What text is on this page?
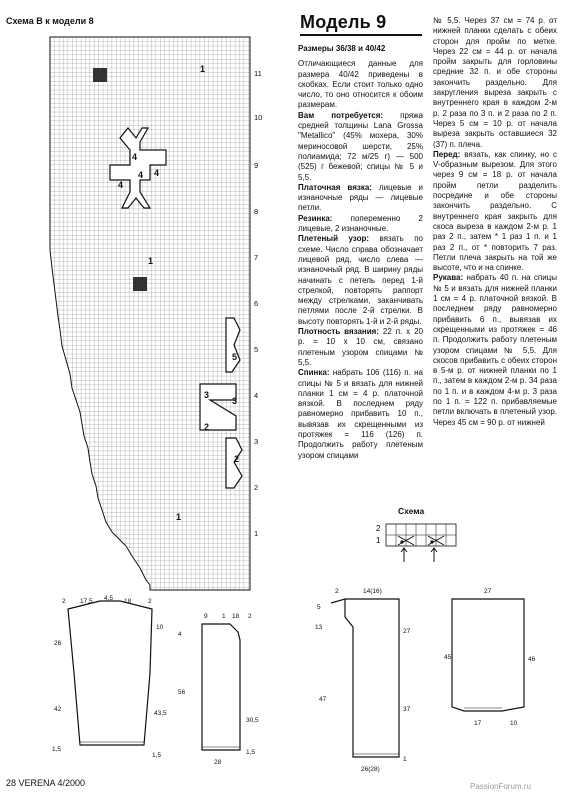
Схема В к модели 8	Модель 9
1
1
1
4
4
4
4
3
2
3
2
5
11
10
9
8
7
6
5
4
3
2
1

Размеры 36/38 и 40/42

Отличающиеся данные для размера 40/42 приведены в скобках. Если стоит только одно число, то оно относится к обоим размерам.

Вам потребуется: пряжа средней толщины Lana Grossa "Metallico" (45% мохера, 30% мериносовой шерсти, 25% полиамида; 72 м/25 г) — 500 (525) г бежевой; спицы № 5 и 5,5.

Платочная вязка: лицевые и изнаночные ряды — лицевые петли.

Резинка: попеременно 2 лицевые, 2 изнаночные.

Плетеный узор: вязать по схеме. Число справа обозначает лицевой ряд, число слева — изнаночный ряд. В ширину ряды начинать с петель перед 1-й стрелкой, повторять раппорт между стрелками, заканчивать петлями после 2-й стрелки. В высоту повторять 1-й и 2-й ряды.

Плотность вязания: 22 п. х 20 р. = 10 х 10 см, связано плетеным узором спицами № 5,5.

Спинка: набрать 106 (116) п. на спицы № 5 и вязать для нижней планки 1 см = 4 р. платочной вязкой. В последнем ряду равномерно прибавить 10 п., вывязав их скрещенными из протяжек = 116 (126) п. Продолжить работу плетеным узором спицами

№ 5,5. Через 37 см = 74 р. от нижней планки сделать с обеих сторон для пройм по метке. Через 22 см = 44 р. от начала пройм закрыть для горловины средние 32 п. и обе стороны закончить раздельно. Для закругления выреза закрыть с внутреннего края в каждом 2-м р. 2 раза по 3 п. и 2 раза по 2 п. Через 5 см = 10 р. от начала выреза закрыть оставшиеся 32 (37) п. плеча.

Перед: вязать, как спинку, но с V-образным вырезом. Для этого через 9 см = 18 р. от начала пройм петли разделить посредине и обе стороны закончить раздельно. С внутреннего края закрыть для скоса выреза в каждом 2-м р. 1 раз 2 п., затем * 1 раз 1 п. и 1 раз 2 п., от * повторить 7 раз. Петли плеча закрыть на той же высоте, что и на спинке.

Рукава: набрать 40 п. на спицы № 5 и вязать для нижней планки 1 см = 4 р. платочной вязкой. В последнем ряду равномерно прибавить 6 п., вывязав их скрещенными из протяжек = 46 п. Продолжить работу плетеным узором спицами № 5,5. Для скосов прибавить с обеих сторон в 5-м р. от нижней планки по 1 п., затем в каждом 2-м р. 34 раза по 1 п. и в каждом 4-м р. 3 раза по 1 п. = 122 п. прибавляемые петли включать в плетеный узор. Через 45 см = 90 р. от нижней

Схема
2
1
2 17,5 4,5 18	2
26
42
10
43,5
1,5
1,5
9 1 18 2
4
56
30,5
1,5
28
2	14(16)
5
13
47
27
37
1
26(28)
27
45	46
17	10
28 VERENA 4/2000	PassionForum.ru
